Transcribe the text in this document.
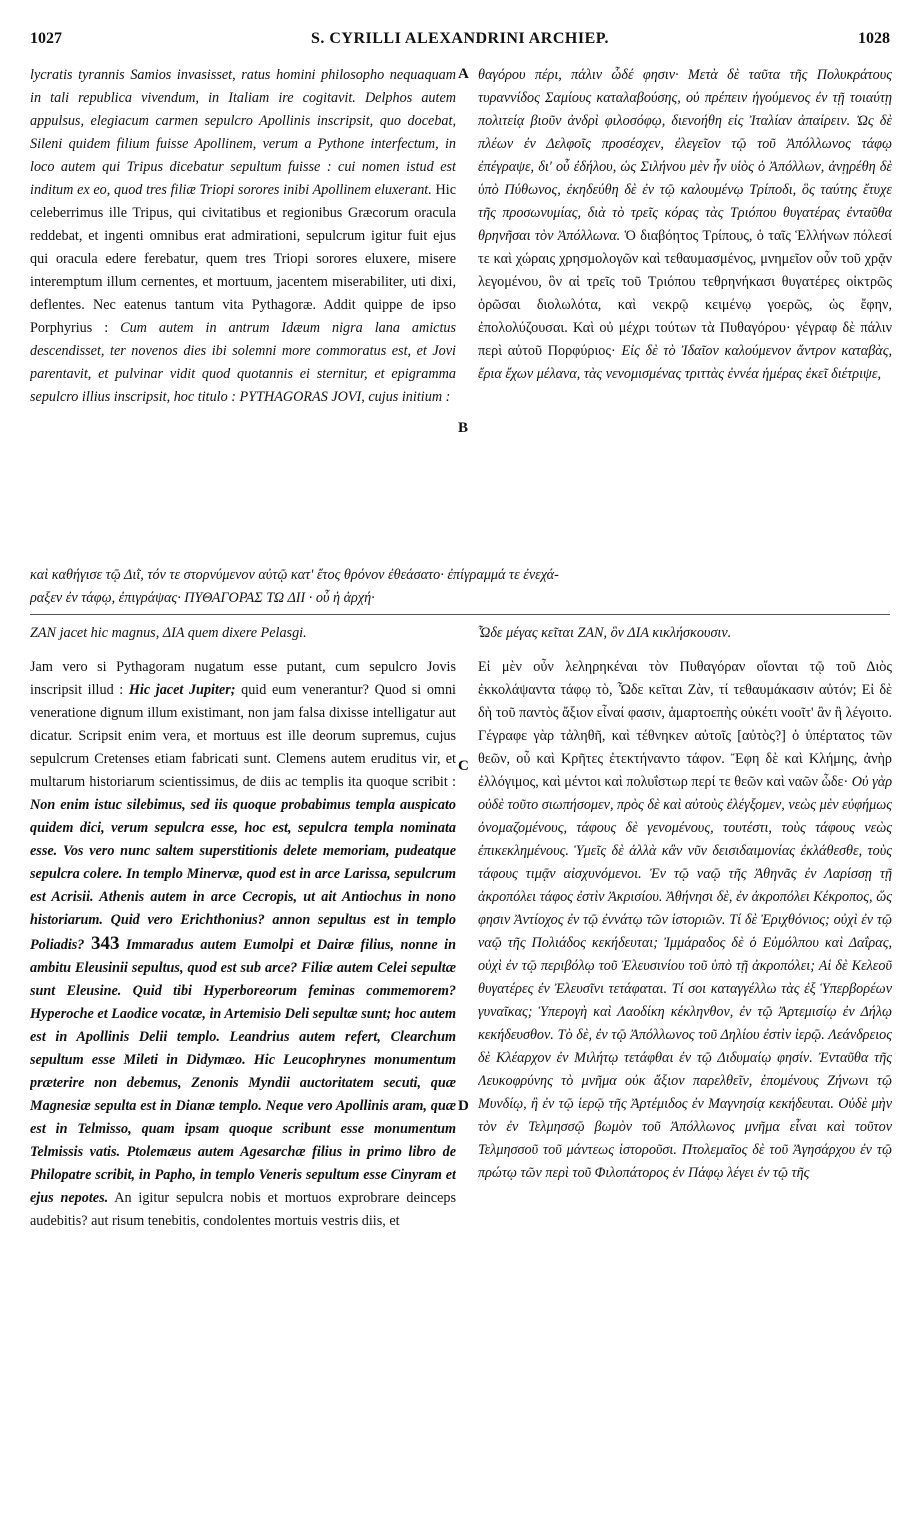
1027	S. CYRILLI ALEXANDRINI ARCHIEP.	1028
A
B
C
D

lycratis tyrannis Samios invasisset, ratus homini philosopho nequaquam in tali republica vivendum, in Italiam ire cogitavit. Delphos autem appulsus, elegiacum carmen sepulcro Apollinis inscripsit, quo docebat, Sileni quidem filium fuisse Apollinem, verum a Pythone interfectum, in loco autem qui Tripus dicebatur sepultum fuisse : cui nomen istud est inditum ex eo, quod tres filiæ Triopi sorores inibi Apollinem eluxerant. Hic celeberrimus ille Tripus, qui civitatibus et regionibus Græcorum oracula reddebat, et ingenti omnibus erat admirationi, sepulcrum igitur fuit ejus qui oracula edere ferebatur, quem tres Triopi sorores eluxere, misere interemptum illum cernentes, et mortuum, jacentem miserabiliter, uti dixi, deflentes. Nec eatenus tantum vita Pythagoræ. Addit quippe de ipso Porphyrius : Cum autem in antrum Idæum nigra lana amictus descendisset, ter novenos dies ibi solemni more commoratus est, et Jovi parentavit, et pulvinar vidit quod quotannis ei sternitur, et epigramma sepulcro illius inscripsit, hoc titulo : PYTHAGORAS JOVI, cujus initium :

θαγόρου πέρι, πάλιν ὧδέ φησιν· Μετὰ δὲ ταῦτα τῆς Πολυκράτους τυραννίδος Σαμίους καταλαβούσης, οὐ πρέπειν ἡγούμενος ἐν τῇ τοιαύτῃ πολιτείᾳ βιοῦν ἀνδρὶ φιλοσόφῳ, διενοήθη εἰς Ἰταλίαν ἀπαίρειν. Ὡς δὲ πλέων ἐν Δελφοῖς προσέσχεν, ἐλεγεῖον τῷ τοῦ Ἀπόλλωνος τάφῳ ἐπέγραψε, δι' οὗ ἐδήλου, ὡς Σιλήνου μὲν ἦν υἱὸς ὁ Ἀπόλλων, ἀνῃρέθη δὲ ὑπὸ Πύθωνος, ἐκηδεύθη δὲ ἐν τῷ καλουμένῳ Τρίποδι, ὃς ταύτης ἔτυχε τῆς προσωνυμίας, διὰ τὸ τρεῖς κόρας τὰς Τριόπου θυγατέρας ἐνταῦθα θρηνῆσαι τὸν Ἀπόλλωνα. Ὁ διαβόητος Τρίπους, ὁ ταῖς Ἑλλήνων πόλεσί τε καὶ χώραις χρησμολογῶν καὶ τεθαυμασμένος, μνημεῖον οὖν τοῦ χρᾷν λεγομένου, ὃν αἱ τρεῖς τοῦ Τριόπου τεθρηνήκασι θυγατέρες οἰκτρῶς ὁρῶσαι διολωλότα, καὶ νεκρῷ κειμένῳ γοερῶς, ὡς ἔφην, ἐπολολύζουσαι. Καὶ οὐ μέχρι τούτων τὰ Πυθαγόρου· γέγραφ δὲ πάλιν περὶ αὐτοῦ Πορφύριος· Εἰς δὲ τὸ Ἰδαῖον καλούμενον ἄντρον καταβὰς, ἔρια ἔχων μέλανα, τὰς νενομισμένας τριττὰς ἐννέα ἡμέρας ἐκεῖ διέτριψε,

καὶ καθήγισε τῷ Διῒ, τόν τε στορνύμενον αὐτῷ κατ' ἔτος θρόνον ἐθεάσατο· ἐπίγραμμά τε ἐνεχά-
ραξεν ἐν τάφῳ, ἐπιγράψας· ΠΥΘΑΓΟΡΑΣ ΤΩ ΔΙΙ · οὗ ἡ ἀρχή·
ZAN jacet hic magnus, ΔΙΑ quem dixere Pelasgi.	Ὧδε μέγας κεῖται ΖΑΝ, ὃν ΔΙΑ κικλήσκουσιν.

Jam vero si Pythagoram nugatum esse putant, cum sepulcro Jovis inscripsit illud : Hic jacet Jupiter; quid eum venerantur? Quod si omni veneratione dignum illum existimant, non jam falsa dixisse intelligatur aut dicatur. Scripsit enim vera, et mortuus est ille deorum supremus, cujus sepulcrum Cretenses etiam fabricati sunt. Clemens autem eruditus vir, et multarum historiarum scientissimus, de diis ac templis ita quoque scribit : Non enim istuc silebimus, sed iis quoque probabimus templa auspicato quidem dici, verum sepulcra esse, hoc est, sepulcra templa nominata esse. Vos vero nunc saltem superstitionis delete memoriam, pudeatque sepulcra colere. In templo Minervæ, quod est in arce Larissa, sepulcrum est Acrisii. Athenis autem in arce Cecropis, ut ait Antiochus in nono historiarum. Quid vero Erichthonius? annon sepultus est in templo Poliadis? 343 Immaradus autem Eumolpi et Dairæ filius, nonne in ambitu Eleusinii sepultus, quod est sub arce? Filiæ autem Celei sepultæ sunt Eleusine. Quid tibi Hyperboreorum feminas commemorem? Hyperoche et Laodice vocatæ, in Artemisio Deli sepultæ sunt; hoc autem est in Apollinis Delii templo. Leandrius autem refert, Clearchum sepultum esse Mileti in Didymæo. Hic Leucophrynes monumentum præterire non debemus, Zenonis Myndii auctoritatem secuti, quæ Magnesiæ sepulta est in Dianæ templo. Neque vero Apollinis aram, quæ est in Telmisso, quam ipsam quoque scribunt esse monumentum Telmissis vatis. Ptolemæus autem Agesarchæ filius in primo libro de Philopatre scribit, in Papho, in templo Veneris sepultum esse Cinyram et ejus nepotes. An igitur sepulcra nobis et mortuos exprobrare deinceps audebitis? aut risum tenebitis, condolentes mortuis vestris diis, et

Εἰ μὲν οὖν λεληρηκέναι τὸν Πυθαγόραν οἴονται τῷ τοῦ Διὸς ἐκκολάψαντα τάφῳ τὸ, Ὧδε κεῖται Ζὰν, τί τεθαυμάκασιν αὐτόν; Εἰ δὲ δὴ τοῦ παντὸς ἄξιον εἶναί φασιν, ἁμαρτοεπὴς οὐκέτι νοοῖτ' ἂν ἢ λέγοιτο. Γέγραφε γὰρ τἀληθῆ, καὶ τέθνηκεν αὐτοῖς [αὐτὸς?] ὁ ὑπέρτατος τῶν θεῶν, οὗ καὶ Κρῆτες ἐτεκτήναντο τάφον. Ἔφη δὲ καὶ Κλήμης, ἀνὴρ ἐλλόγιμος, καὶ μέντοι καὶ πολυΐστωρ περί τε θεῶν καὶ ναῶν ὧδε· Οὐ γὰρ οὐδὲ τοῦτο σιωπήσομεν, πρὸς δὲ καὶ αὐτοὺς ἐλέγξομεν, νεὼς μὲν εὐφήμως ὀνομαζομένους, τάφους δὲ γενομένους, τουτέστι, τοὺς τάφους νεὼς ἐπικεκλημένους. Ὑμεῖς δὲ ἀλλὰ κἂν νῦν δεισιδαιμονίας ἐκλάθεσθε, τοὺς τάφους τιμᾷν αἰσχυνόμενοι. Ἐν τῷ ναῷ τῆς Ἀθηνᾶς ἐν Λαρίσσῃ τῇ ἀκροπόλει τάφος ἐστὶν Ἀκρισίου. Ἀθήνησι δὲ, ἐν ἀκροπόλει Κέκροπος, ὥς φησιν Ἀντίοχος ἐν τῷ ἐννάτῳ τῶν ἱστοριῶν. Τί δὲ Ἐριχθόνιος; οὐχὶ ἐν τῷ ναῷ τῆς Πολιάδος κεκήδευται; Ἰμμάραδος δὲ ὁ Εὐμόλπου καὶ Δαΐρας, οὐχὶ ἐν τῷ περιβόλῳ τοῦ Ἐλευσινίου τοῦ ὑπὸ τῇ ἀκροπόλει; Αἱ δὲ Κελεοῦ θυγατέρες ἐν Ἐλευσῖνι τετάφαται. Τί σοι καταγγέλλω τὰς ἐξ Ὑπερβορέων γυναῖκας; Ὑπερογὴ καὶ Λαοδίκη κέκληνθον, ἐν τῷ Ἀρτεμισίῳ ἐν Δήλῳ κεκήδευσθον. Τὸ δὲ, ἐν τῷ Ἀπόλλωνος τοῦ Δηλίου ἐστὶν ἱερῷ. Λεάνδρειος δὲ Κλέαρχον ἐν Μιλήτῳ τετάφθαι ἐν τῷ Διδυμαίῳ φησίν. Ἐνταῦθα τῆς Λευκοφρύνης τὸ μνῆμα οὐκ ἄξιον παρελθεῖν, ἑπομένους Ζήνωνι τῷ Μυνδίῳ, ἢ ἐν τῷ ἱερῷ τῆς Ἀρτέμιδος ἐν Μαγνησίᾳ κεκήδευται. Οὐδὲ μὴν τὸν ἐν Τελμησσῷ βωμὸν τοῦ Ἀπόλλωνος μνῆμα εἶναι καὶ τοῦτον Τελμησσοῦ τοῦ μάντεως ἱστοροῦσι. Πτολεμαῖος δὲ τοῦ Ἀγησάρχου ἐν τῷ πρώτῳ τῶν περὶ τοῦ Φιλοπάτορος ἐν Πάφῳ λέγει ἐν τῷ τῆς
